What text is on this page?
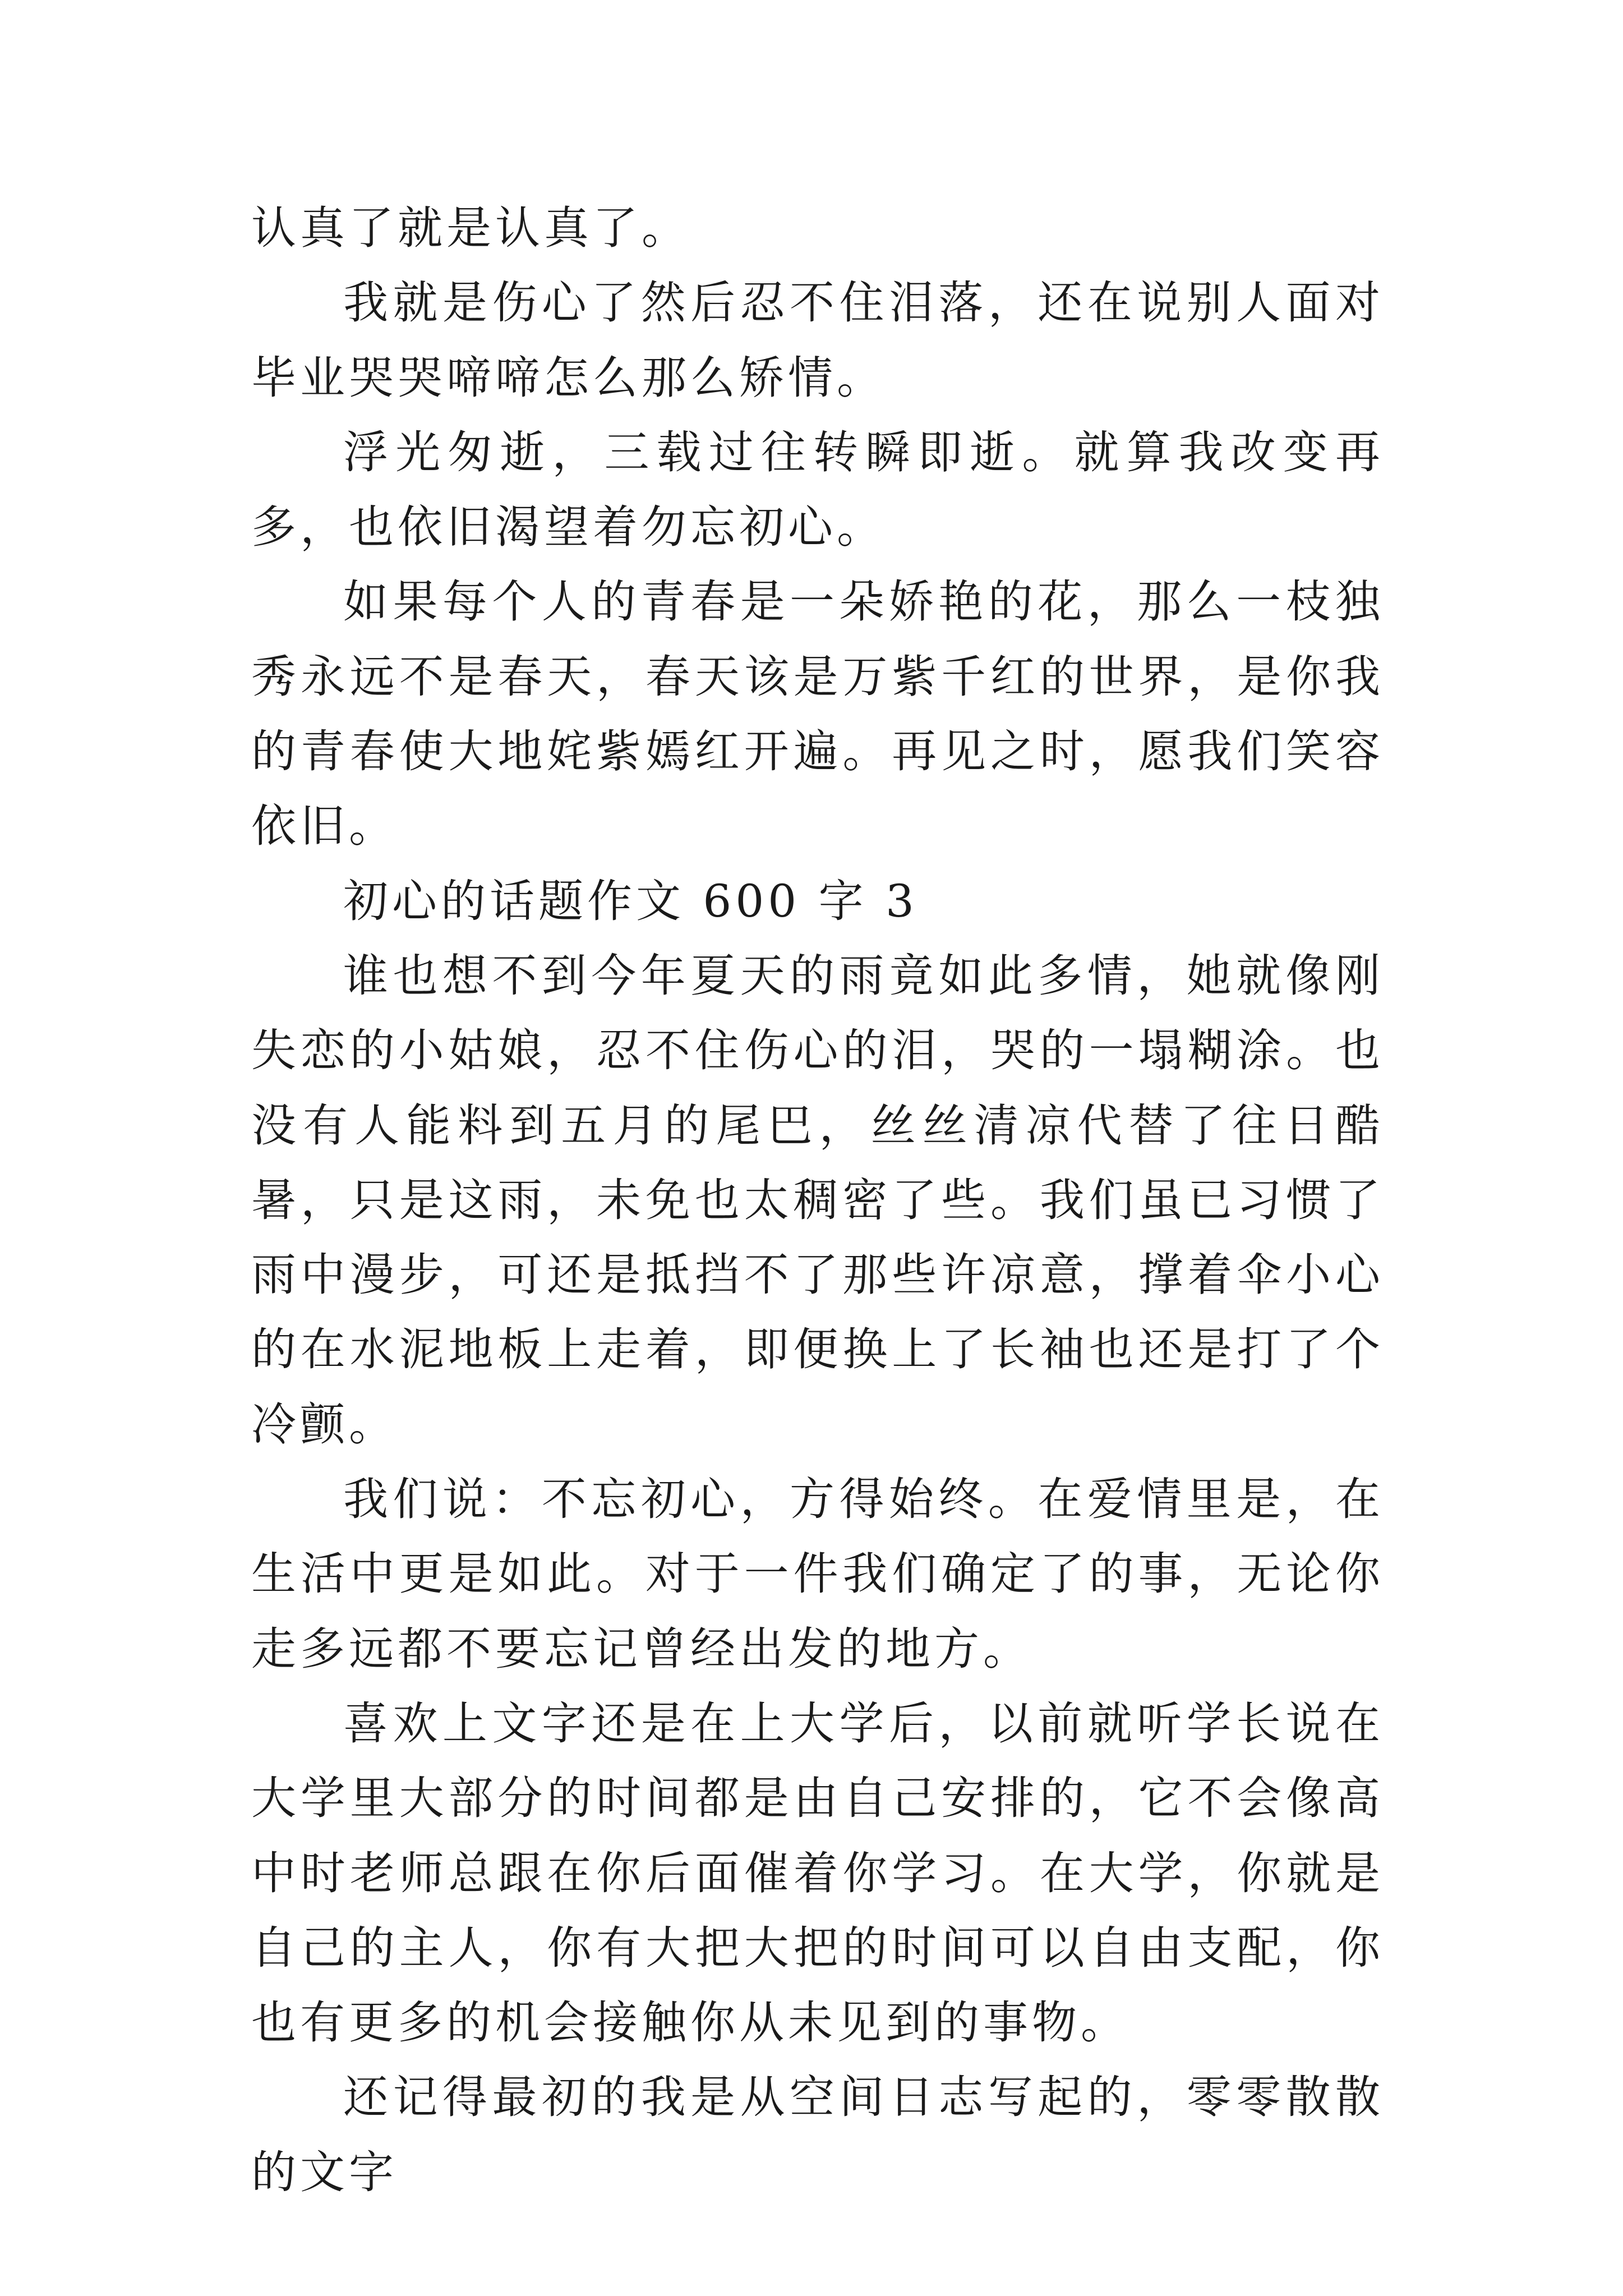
认真了就是认真了。

我就是伤心了然后忍不住泪落，还在说别人面对毕业哭哭啼啼怎么那么矫情。

浮光匆逝，三载过往转瞬即逝。就算我改变再多，也依旧渴望着勿忘初心。

如果每个人的青春是一朵娇艳的花，那么一枝独秀永远不是春天，春天该是万紫千红的世界，是你我的青春使大地姹紫嫣红开遍。再见之时，愿我们笑容依旧。

初心的话题作文 600 字 3

谁也想不到今年夏天的雨竟如此多情，她就像刚失恋的小姑娘，忍不住伤心的泪，哭的一塌糊涂。也没有人能料到五月的尾巴，丝丝清凉代替了往日酷暑，只是这雨，未免也太稠密了些。我们虽已习惯了雨中漫步，可还是抵挡不了那些许凉意，撑着伞小心的在水泥地板上走着，即便换上了长袖也还是打了个冷颤。

我们说：不忘初心，方得始终。在爱情里是，在生活中更是如此。对于一件我们确定了的事，无论你走多远都不要忘记曾经出发的地方。

喜欢上文字还是在上大学后，以前就听学长说在大学里大部分的时间都是由自己安排的，它不会像高中时老师总跟在你后面催着你学习。在大学，你就是自己的主人，你有大把大把的时间可以自由支配，你也有更多的机会接触你从未见到的事物。

还记得最初的我是从空间日志写起的，零零散散的文字
